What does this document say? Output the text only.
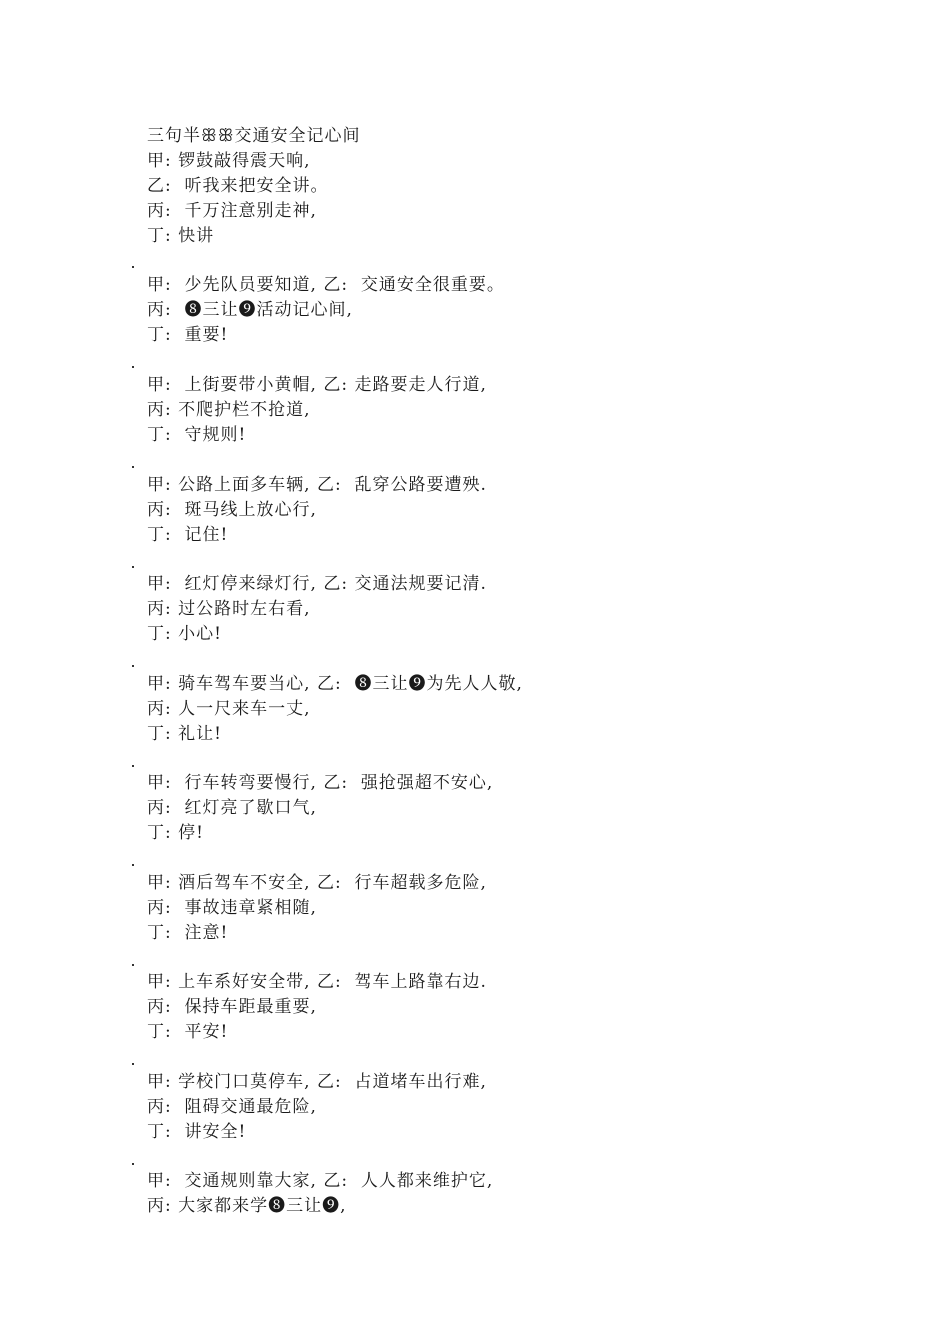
三句半ꕥꕥ交通安全记心间
甲: 锣鼓敲得震天响,
乙:  听我来把安全讲。
丙:  千万注意别走神,
丁: 快讲
甲:  少先队员要知道, 乙:  交通安全很重要。
丙:  ❽三让❾活动记心间,
丁:  重要!
甲:  上街要带小黄帽, 乙: 走路要走人行道,
丙: 不爬护栏不抢道,
丁:  守规则!
甲: 公路上面多车辆, 乙:  乱穿公路要遭殃.
丙:  斑马线上放心行,
丁:  记住!
甲:  红灯停来绿灯行, 乙: 交通法规要记清.
丙: 过公路时左右看,
丁: 小心!
甲: 骑车驾车要当心, 乙:  ❽三让❾为先人人敬,
丙: 人一尺来车一丈,
丁: 礼让!
甲:  行车转弯要慢行, 乙:  强抢强超不安心,
丙:  红灯亮了歇口气,
丁: 停!
甲: 酒后驾车不安全, 乙:  行车超载多危险,
丙:  事故违章紧相随,
丁:  注意!
甲: 上车系好安全带, 乙:  驾车上路靠右边.
丙:  保持车距最重要,
丁:  平安!
甲: 学校门口莫停车, 乙:  占道堵车出行难,
丙:  阻碍交通最危险,
丁:  讲安全!
甲:  交通规则靠大家, 乙:  人人都来维护它,
丙: 大家都来学❽三让❾,
